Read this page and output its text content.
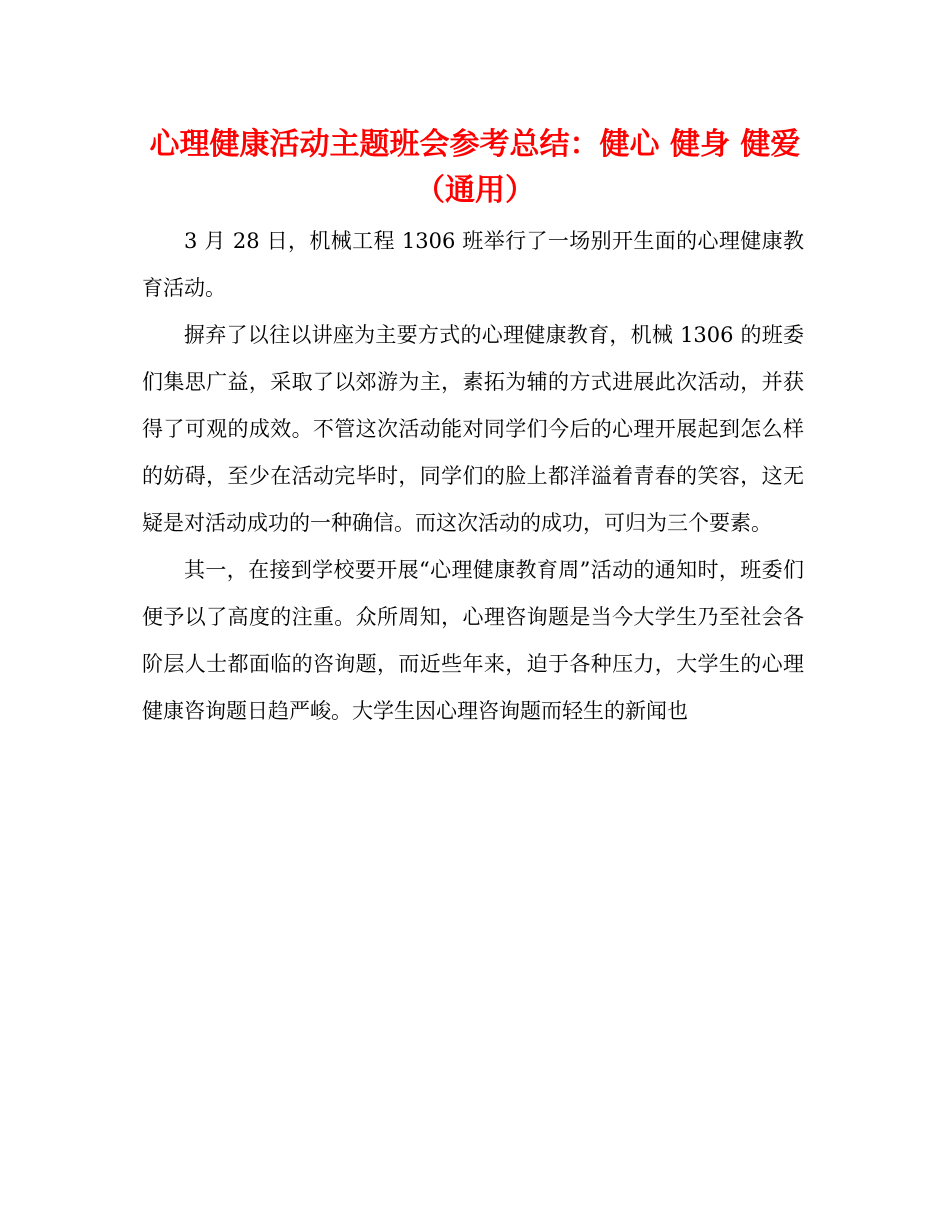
心理健康活动主题班会参考总结：健心 健身 健爱（通用）

3 月 28 日，机械工程 1306 班举行了一场别开生面的心理健康教育活动。

摒弃了以往以讲座为主要方式的心理健康教育，机械 1306 的班委们集思广益，采取了以郊游为主，素拓为辅的方式进展此次活动，并获得了可观的成效。不管这次活动能对同学们今后的心理开展起到怎么样的妨碍，至少在活动完毕时，同学们的脸上都洋溢着青春的笑容，这无疑是对活动成功的一种确信。而这次活动的成功，可归为三个要素。

其一，在接到学校要开展“心理健康教育周”活动的通知时，班委们便予以了高度的注重。众所周知，心理咨询题是当今大学生乃至社会各阶层人士都面临的咨询题，而近些年来，迫于各种压力，大学生的心理健康咨询题日趋严峻。大学生因心理咨询题而轻生的新闻也
